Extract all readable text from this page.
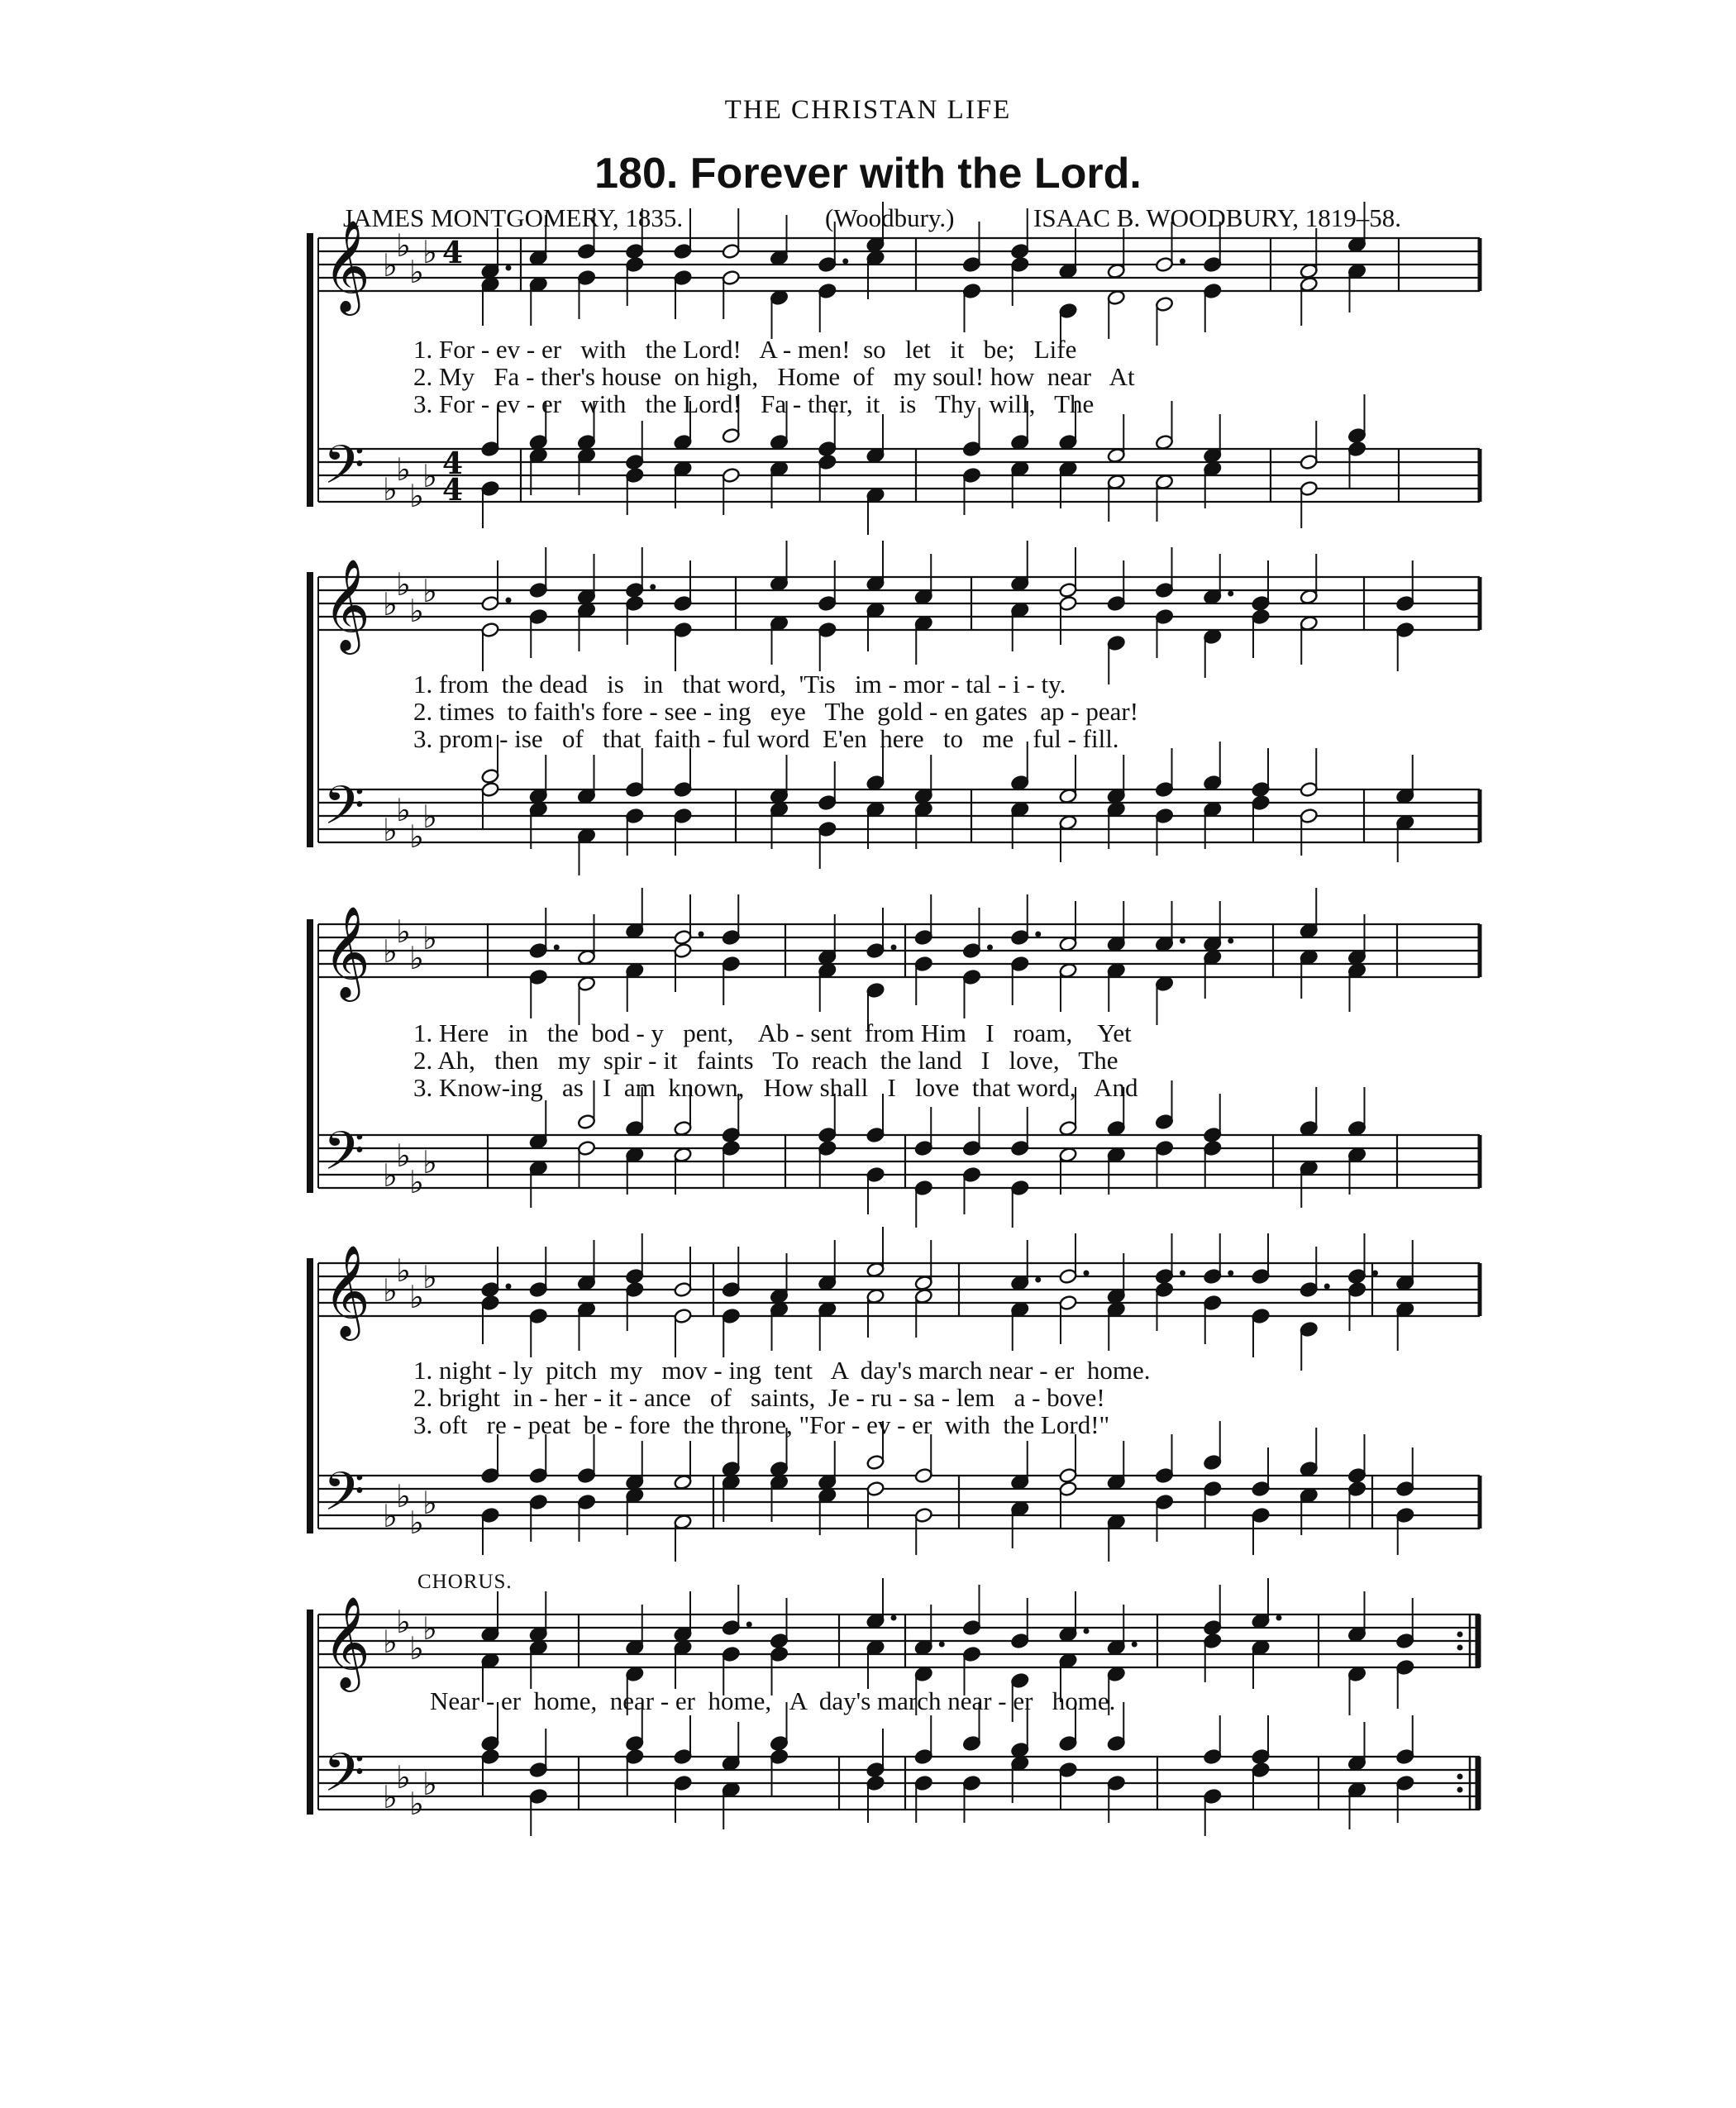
THE CHRISTAN LIFE
180. Forever with the Lord.
JAMES MONTGOMERY, 1835.	(Woodbury.)	ISAAC B. WOODBURY, 1819–58.
𝄞
𝄢
♭
♭
♭
♭
♭
♭
♭
♭
4
4
4
𝄞
𝄢
♭
♭
♭
♭
♭
♭
♭
♭
𝄞
𝄢
♭
♭
♭
♭
♭
♭
♭
♭
𝄞
𝄢
♭
♭
♭
♭
♭
♭
♭
♭
𝄞
𝄢
♭
♭
♭
♭
♭
♭
♭
♭
1. For - ev - er   with   the Lord!   A - men!  so   let   it   be;   Life
2. My   Fa - ther's house  on high,   Home  of   my soul! how  near   At
3. For - ev - er   with   the Lord!   Fa - ther,  it   is   Thy  will,   The
1. from  the dead   is   in   that word,  'Tis   im - mor - tal - i - ty.
2. times  to faith's fore - see - ing   eye   The  gold - en gates  ap - pear!
3. prom - ise   of   that  faith - ful word  E'en  here   to   me   ful - fill.
1. Here   in   the  bod - y   pent,    Ab - sent  from Him   I   roam,    Yet
2. Ah,   then   my  spir - it   faints   To  reach  the land   I   love,   The
3. Know-ing   as   I  am  known,   How shall   I   love  that word,   And
1. night - ly  pitch  my   mov - ing  tent   A  day's march near - er  home.
2. bright  in - her - it - ance   of   saints,  Je - ru - sa - lem   a - bove!
3. oft   re - peat  be - fore  the throne, "For - ev - er  with  the Lord!"
CHORUS.
Near - er  home,  near - er  home,   A  day's march near - er   home.
